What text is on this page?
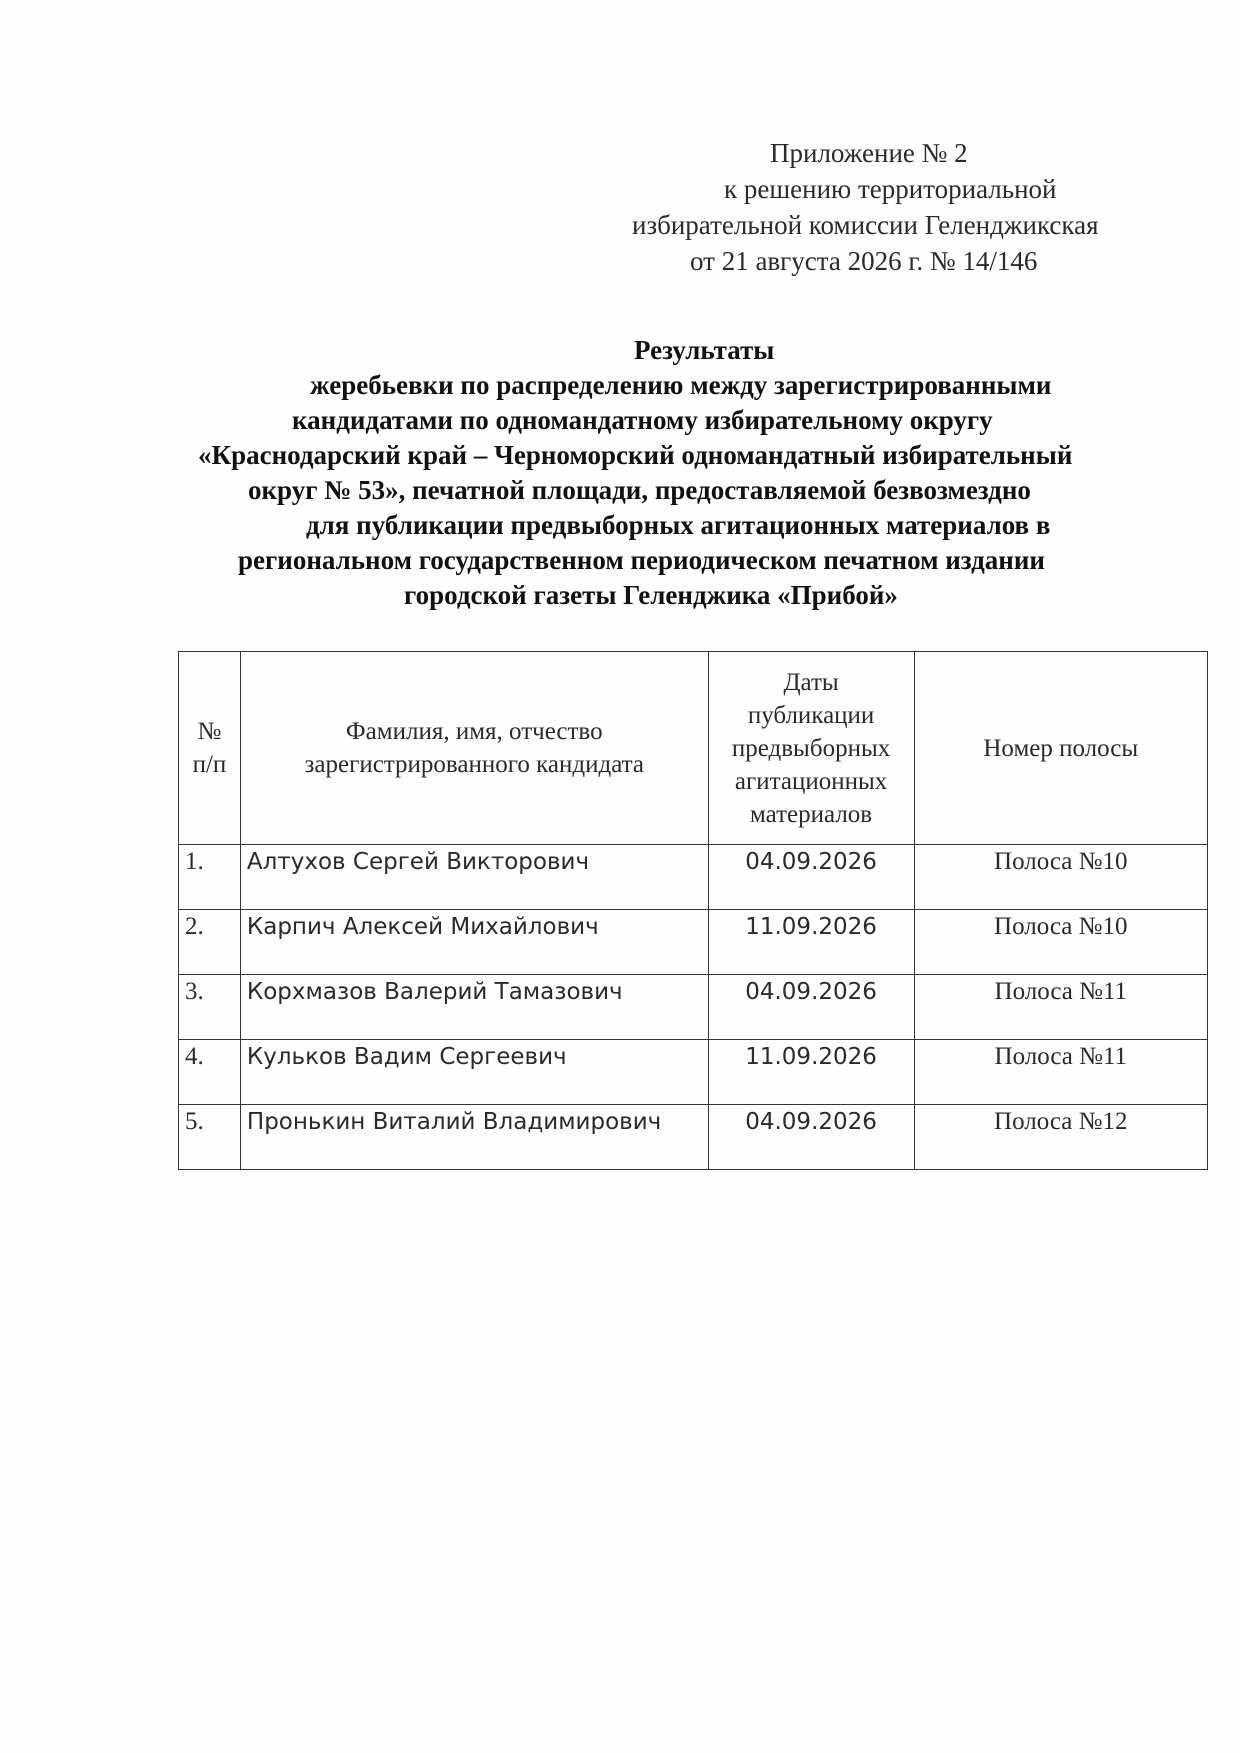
Приложение № 2
к решению территориальной
избирательной комиссии Геленджикская
от 21 августа 2026 г. № 14/146
Результаты
жеребьевки по распределению между зарегистрированными
кандидатами по одномандатному избирательному округу
«Краснодарский край – Черноморский одномандатный избирательный
округ № 53», печатной площади, предоставляемой безвозмездно
для публикации предвыборных агитационных материалов в
региональном государственном периодическом печатном издании
городской газеты Геленджика «Прибой»
№
п/п	Фамилия, имя, отчество зарегистрированного кандидата	Даты публикации предвыборных агитационных материалов	Номер полосы
1.	Алтухов Сергей Викторович	04.09.2026	Полоса №10
2.	Карпич Алексей Михайлович	11.09.2026	Полоса №10
3.	Корхмазов Валерий Тамазович	04.09.2026	Полоса №11
4.	Кульков Вадим Сергеевич	11.09.2026	Полоса №11
5.	Пронькин Виталий Владимирович	04.09.2026	Полоса №12
